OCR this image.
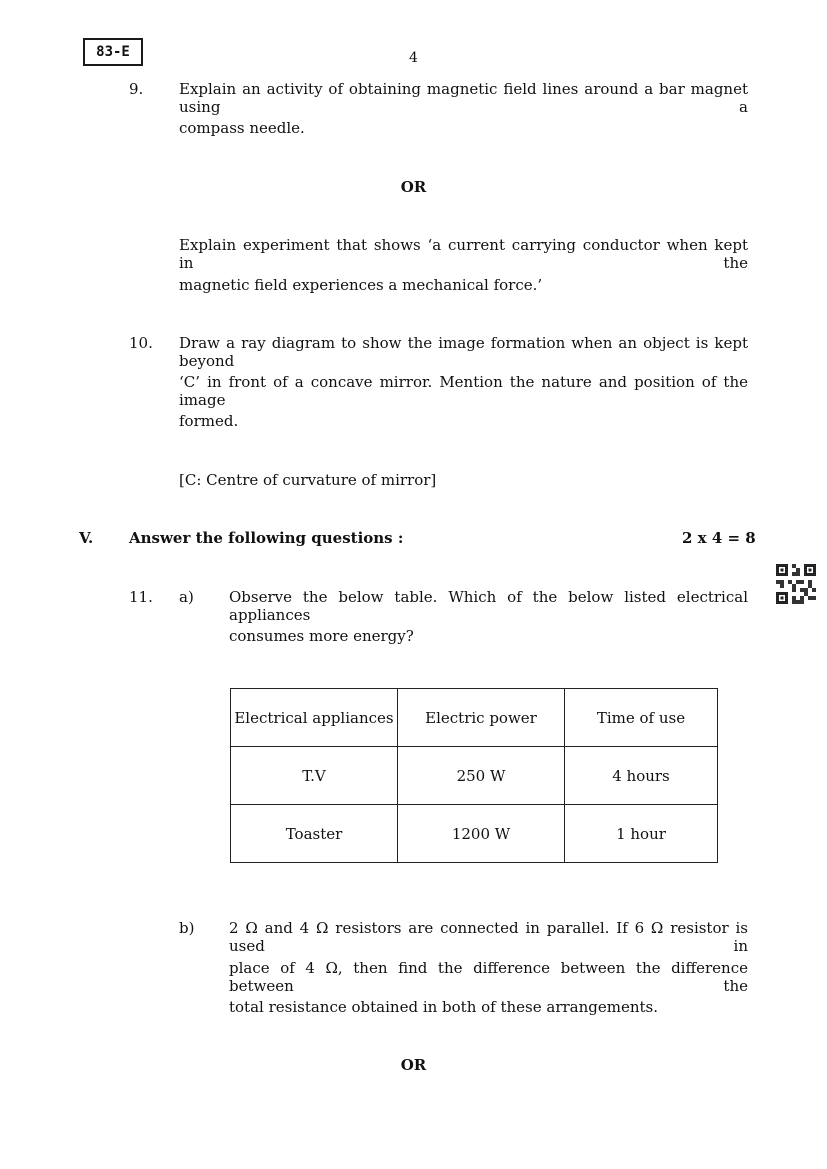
83-E	4
9. Explain an activity of obtaining magnetic field lines around a bar magnet using a
compass needle.
OR
Explain experiment that shows ‘a current carrying conductor when kept in the
magnetic field experiences a mechanical force.’
10. Draw a ray diagram to show the image formation when an object is kept beyond
‘C’ in front of a concave mirror. Mention the nature and position of the image
formed.
[C: Centre of curvature of mirror]
V. Answer the following questions :	2 x 4 = 8
11. a) Observe the below table. Which of the below listed electrical appliances
consumes more energy?
Electrical appliances	Electric power	Time of use
T.V	250 W	4 hours
Toaster	1200 W	1 hour
b) 2 Ω and 4 Ω resistors are connected in parallel. If 6 Ω resistor is used in
place of 4 Ω, then find the difference between the difference between the
total resistance obtained in both of these arrangements.
OR
